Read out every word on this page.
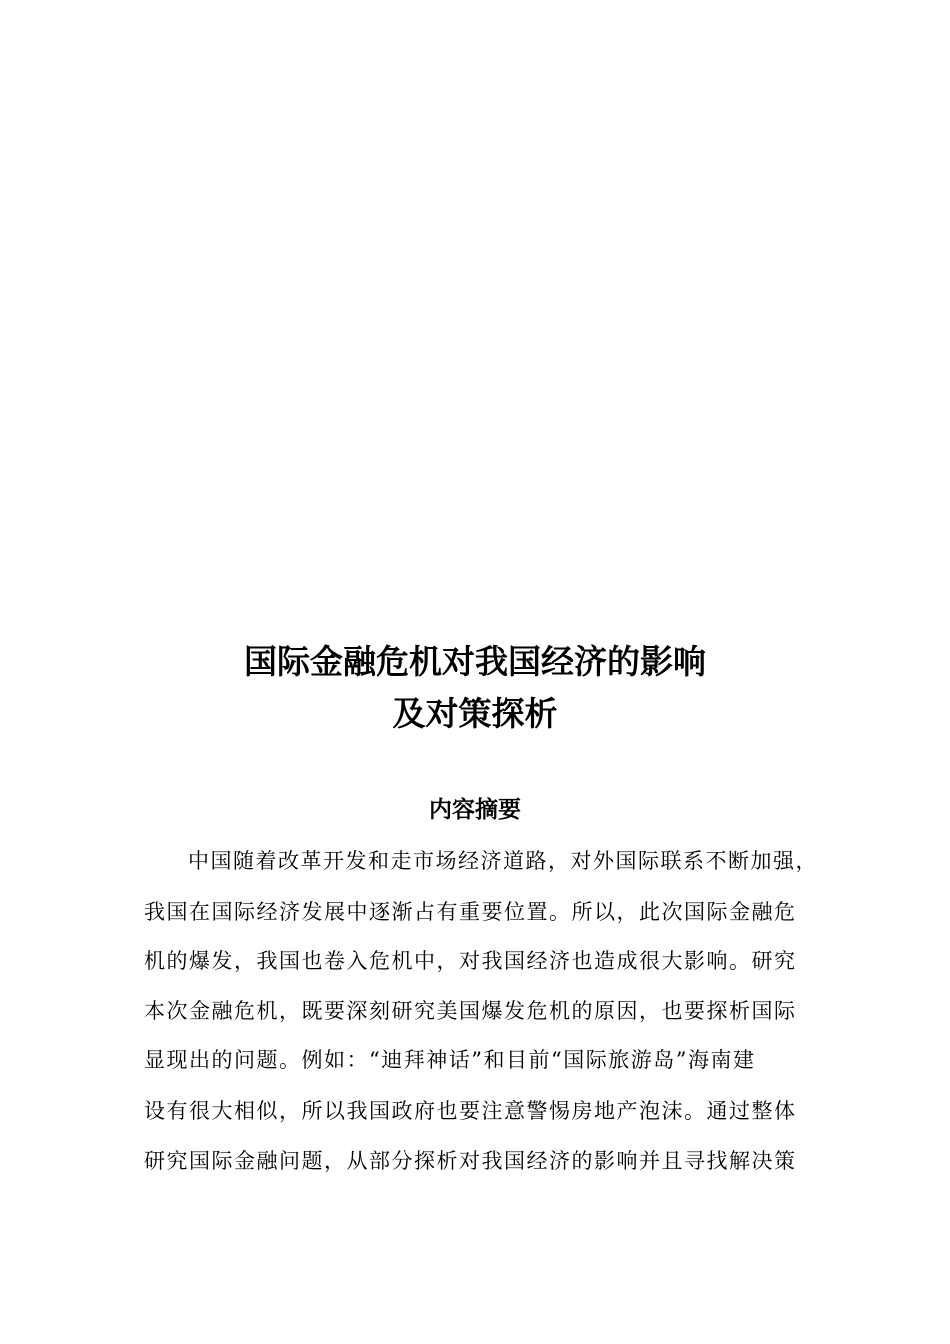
国际金融危机对我国经济的影响
及对策探析
内容摘要
中国随着改革开发和走市场经济道路，对外国际联系不断加强，
我国在国际经济发展中逐渐占有重要位置。所以，此次国际金融危
机的爆发，我国也卷入危机中，对我国经济也造成很大影响。研究
本次金融危机，既要深刻研究美国爆发危机的原因，也要探析国际
显现出的问题。例如：“迪拜神话”和目前“国际旅游岛”海南建
设有很大相似，所以我国政府也要注意警惕房地产泡沫。通过整体
研究国际金融问题，从部分探析对我国经济的影响并且寻找解决策
